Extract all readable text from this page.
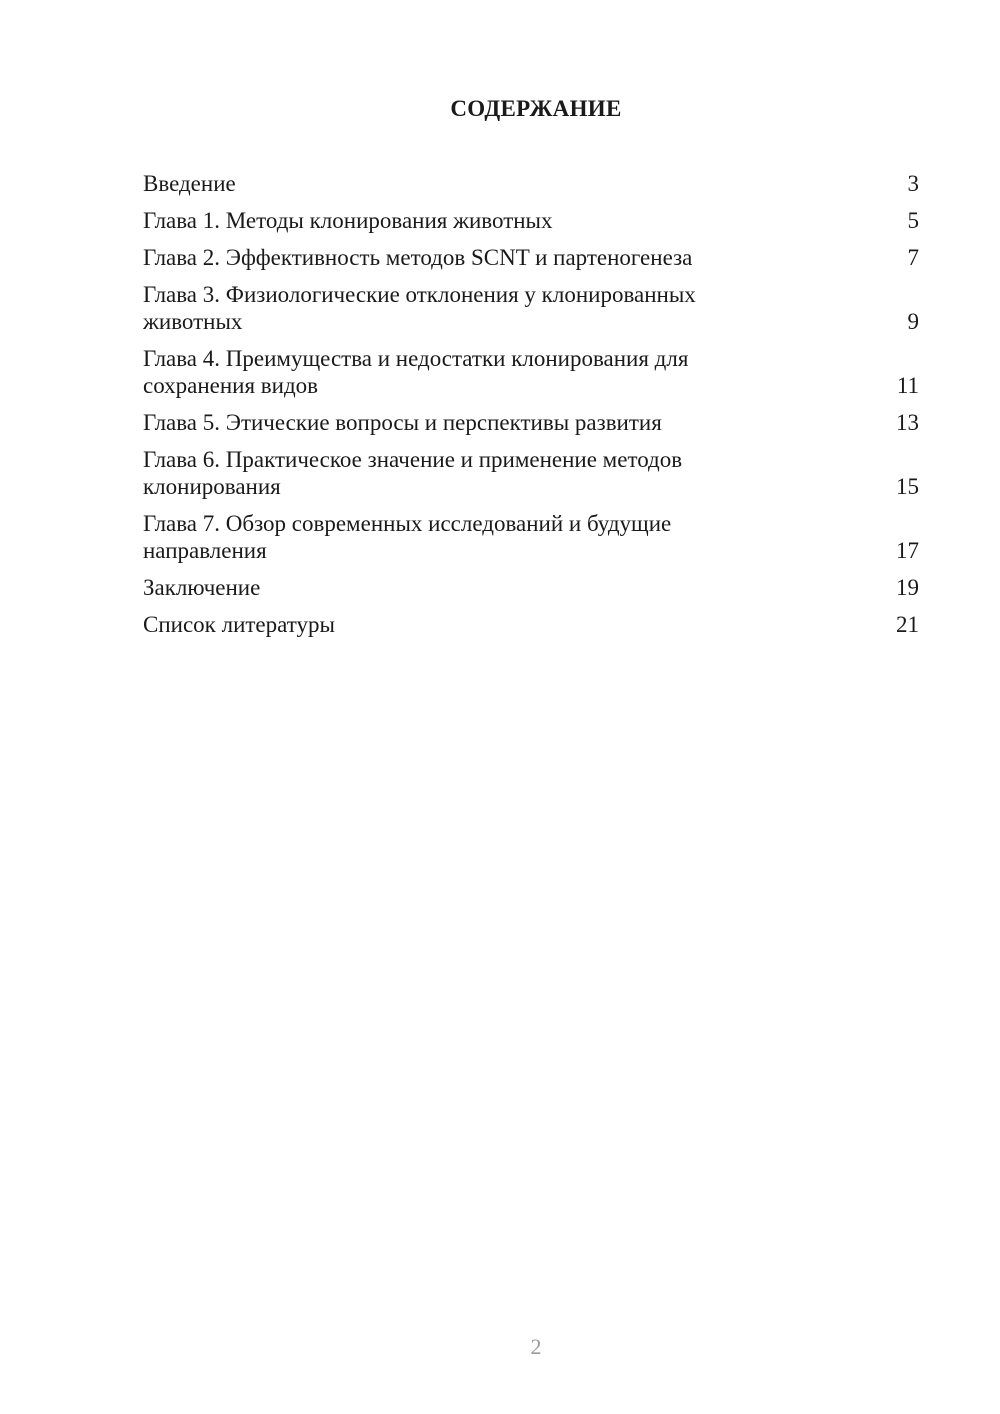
СОДЕРЖАНИЕ
Введение	3
Глава 1. Методы клонирования животных	5
Глава 2. Эффективность методов SCNT и партеногенеза	7
Глава 3. Физиологические отклонения у клонированных животных	9
Глава 4. Преимущества и недостатки клонирования для сохранения видов	11
Глава 5. Этические вопросы и перспективы развития	13
Глава 6. Практическое значение и применение методов клонирования	15
Глава 7. Обзор современных исследований и будущие направления	17
Заключение	19
Список литературы	21
2
